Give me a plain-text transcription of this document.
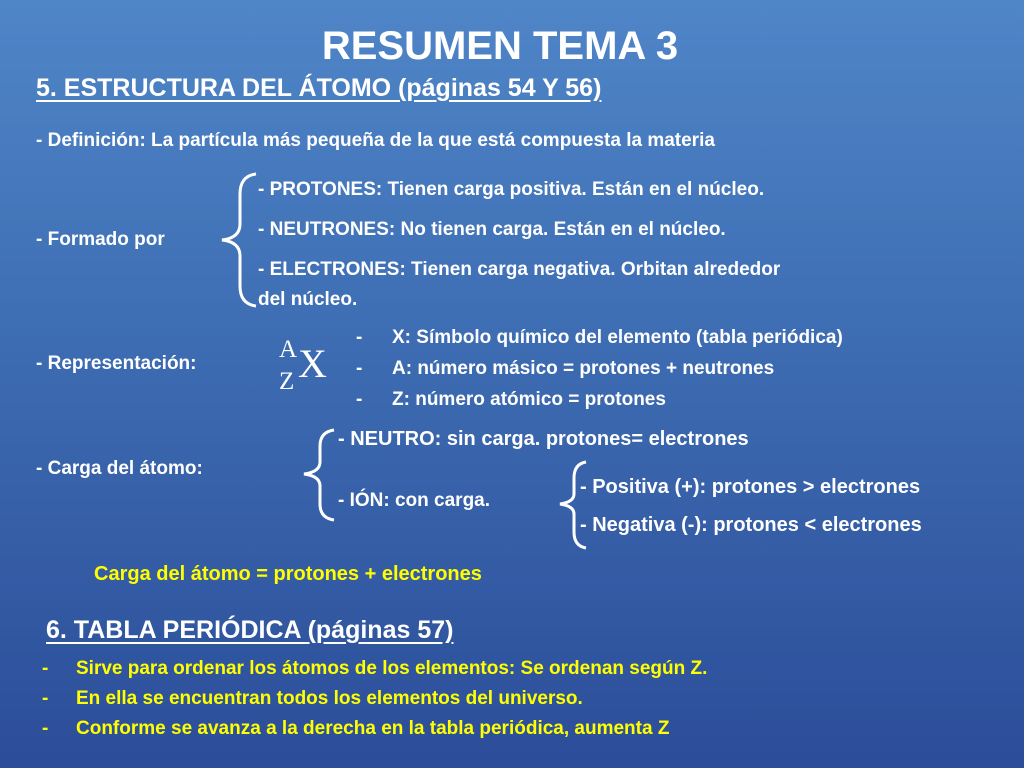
RESUMEN TEMA 3
5. ESTRUCTURA DEL ÁTOMO (páginas 54 Y 56)
- Definición: La partícula más pequeña de la que está compuesta la materia
- Formado por
- PROTONES: Tienen carga positiva. Están en el núcleo.
- NEUTRONES: No tienen carga. Están en el núcleo.
- ELECTRONES: Tienen carga negativa. Orbitan alrededor
del núcleo.
- Representación:
A
Z X
- X: Símbolo químico del elemento (tabla periódica)
- A: número másico = protones + neutrones
- Z: número atómico = protones
- Carga del átomo:
- NEUTRO: sin carga. protones= electrones
- IÓN: con carga.
- Positiva (+): protones > electrones
- Negativa (-): protones < electrones
Carga del átomo = protones + electrones
6. TABLA PERIÓDICA (páginas 57)
- Sirve para ordenar los átomos de los elementos: Se ordenan según Z.
- En ella se encuentran todos los elementos del universo.
- Conforme se avanza a la derecha en la tabla periódica, aumenta Z
